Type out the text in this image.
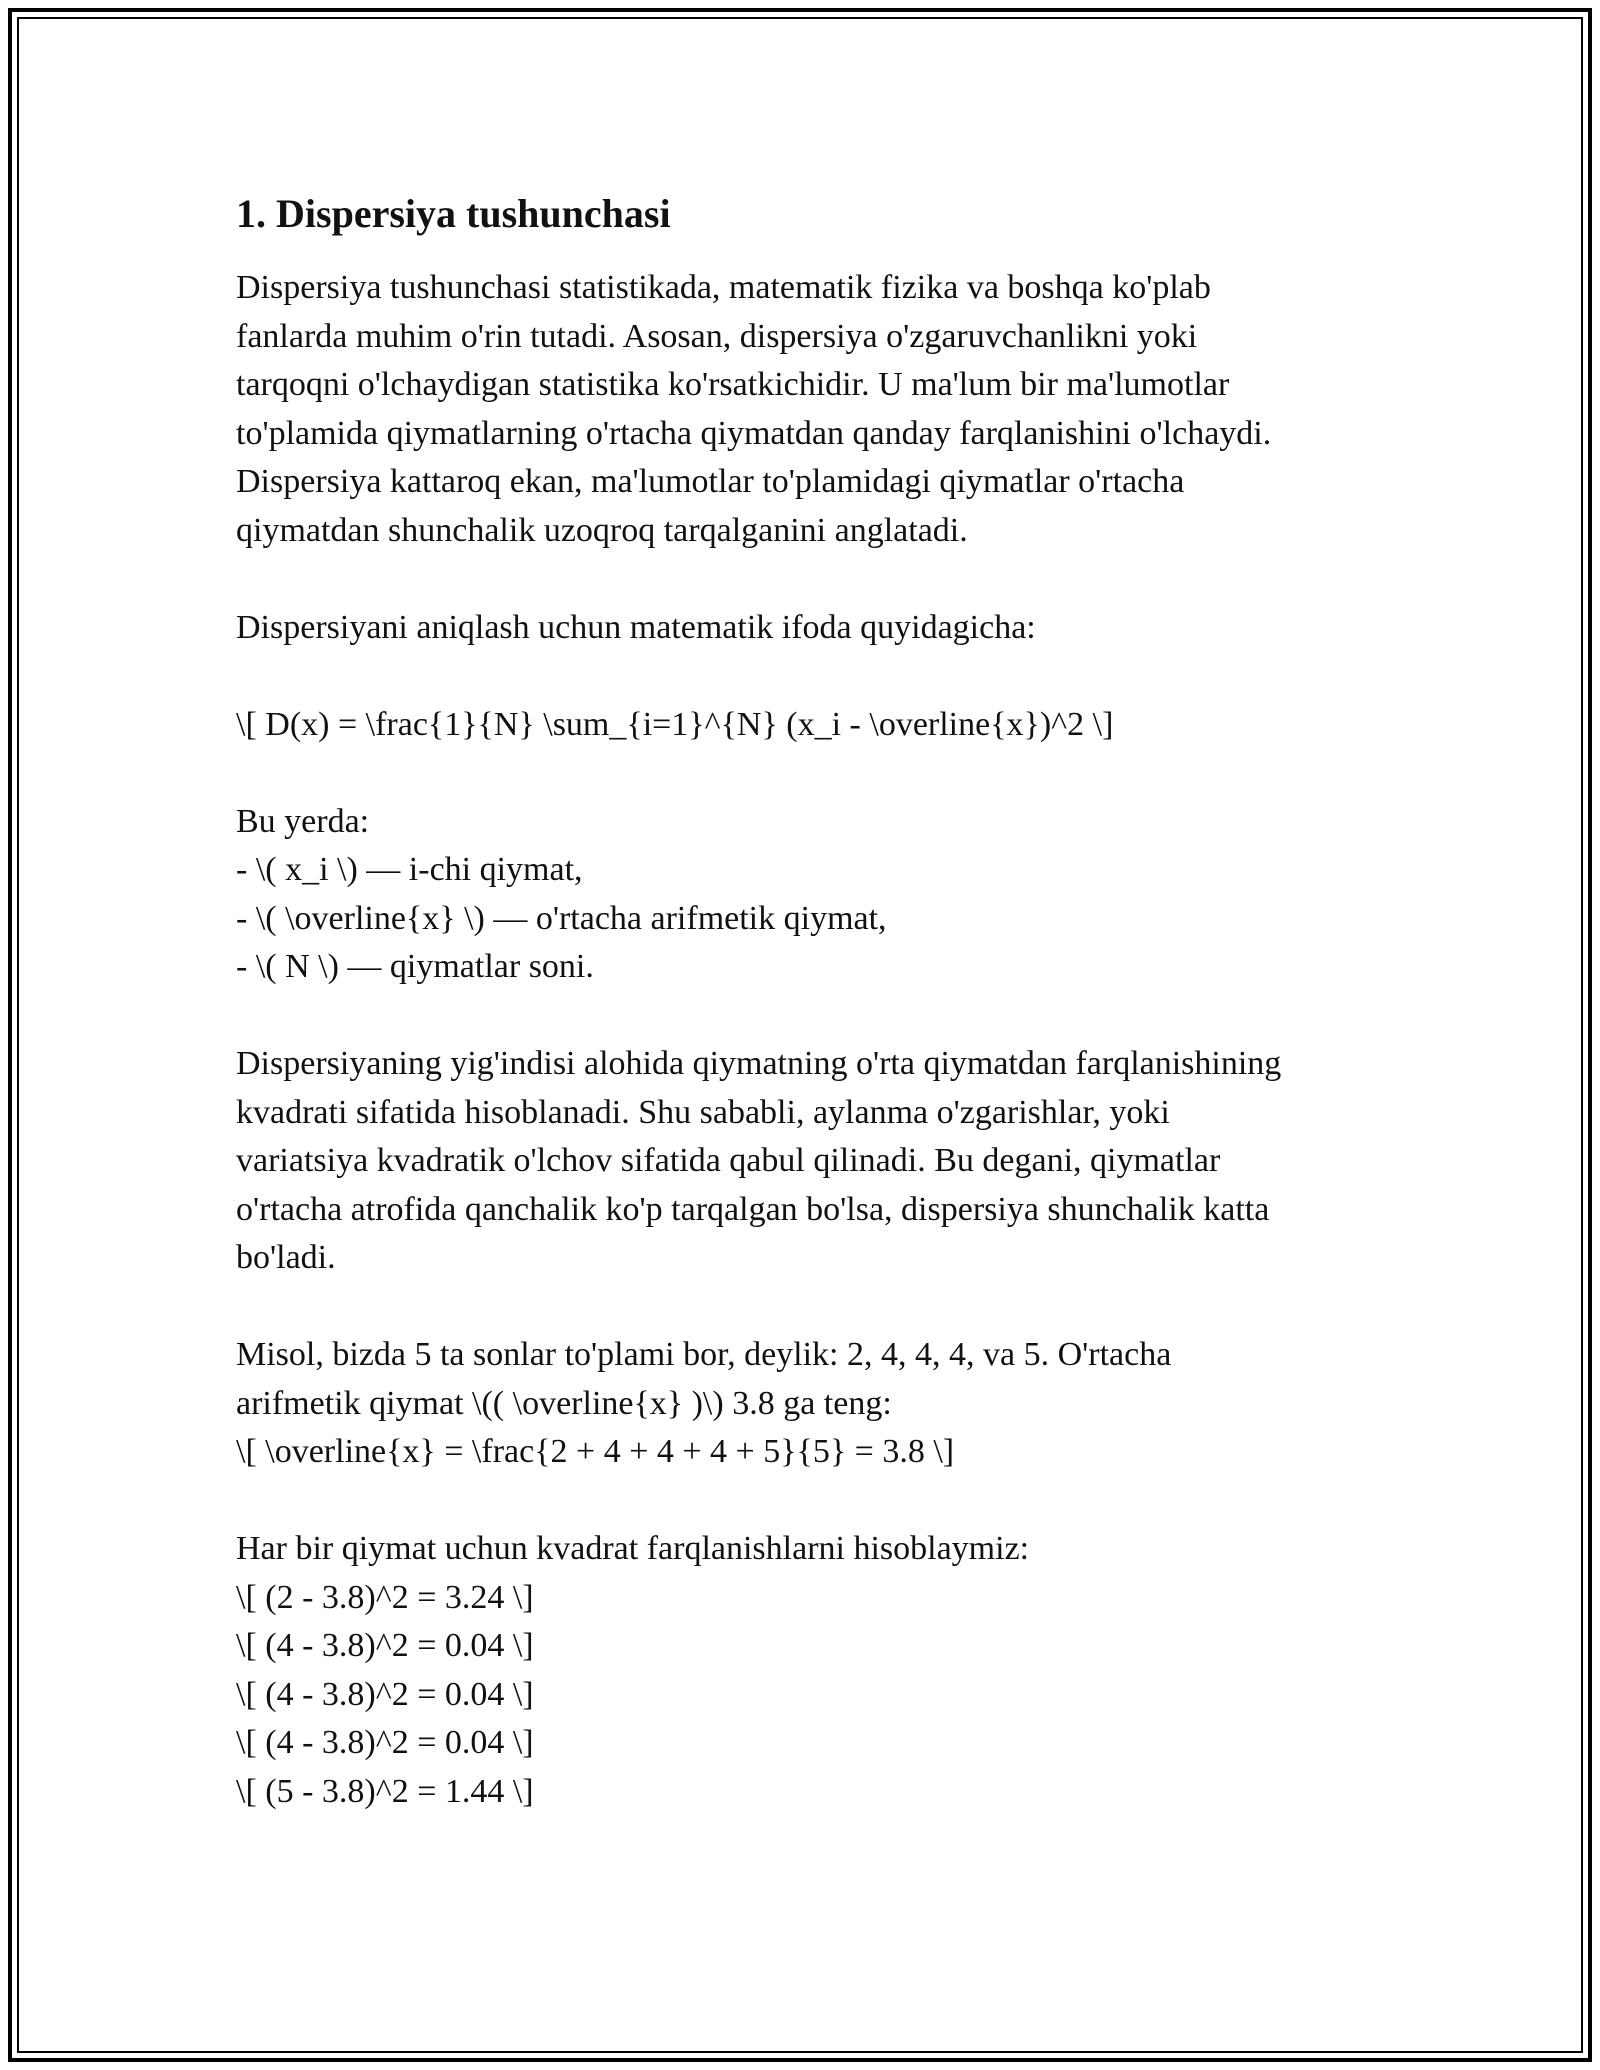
1. Dispersiya tushunchasi

Dispersiya tushunchasi statistikada, matematik fizika va boshqa ko'plab

fanlarda muhim o'rin tutadi. Asosan, dispersiya o'zgaruvchanlikni yoki

tarqoqni o'lchaydigan statistika ko'rsatkichidir. U ma'lum bir ma'lumotlar

to'plamida qiymatlarning o'rtacha qiymatdan qanday farqlanishini o'lchaydi.

Dispersiya kattaroq ekan, ma'lumotlar to'plamidagi qiymatlar o'rtacha

qiymatdan shunchalik uzoqroq tarqalganini anglatadi.

Dispersiyani aniqlash uchun matematik ifoda quyidagicha:

\[ D(x) = \frac{1}{N} \sum_{i=1}^{N} (x_i - \overline{x})^2 \]

Bu yerda:

- \( x_i \) — i-chi qiymat,

- \( \overline{x} \) — o'rtacha arifmetik qiymat,

- \( N \) — qiymatlar soni.

Dispersiyaning yig'indisi alohida qiymatning o'rta qiymatdan farqlanishining

kvadrati sifatida hisoblanadi. Shu sababli, aylanma o'zgarishlar, yoki

variatsiya kvadratik o'lchov sifatida qabul qilinadi. Bu degani, qiymatlar

o'rtacha atrofida qanchalik ko'p tarqalgan bo'lsa, dispersiya shunchalik katta

bo'ladi.

Misol, bizda 5 ta sonlar to'plami bor, deylik: 2, 4, 4, 4, va 5. O'rtacha

arifmetik qiymat \(( \overline{x} )\) 3.8 ga teng:

\[ \overline{x} = \frac{2 + 4 + 4 + 4 + 5}{5} = 3.8 \]

Har bir qiymat uchun kvadrat farqlanishlarni hisoblaymiz:

\[ (2 - 3.8)^2 = 3.24 \]

\[ (4 - 3.8)^2 = 0.04 \]

\[ (4 - 3.8)^2 = 0.04 \]

\[ (4 - 3.8)^2 = 0.04 \]

\[ (5 - 3.8)^2 = 1.44 \]
